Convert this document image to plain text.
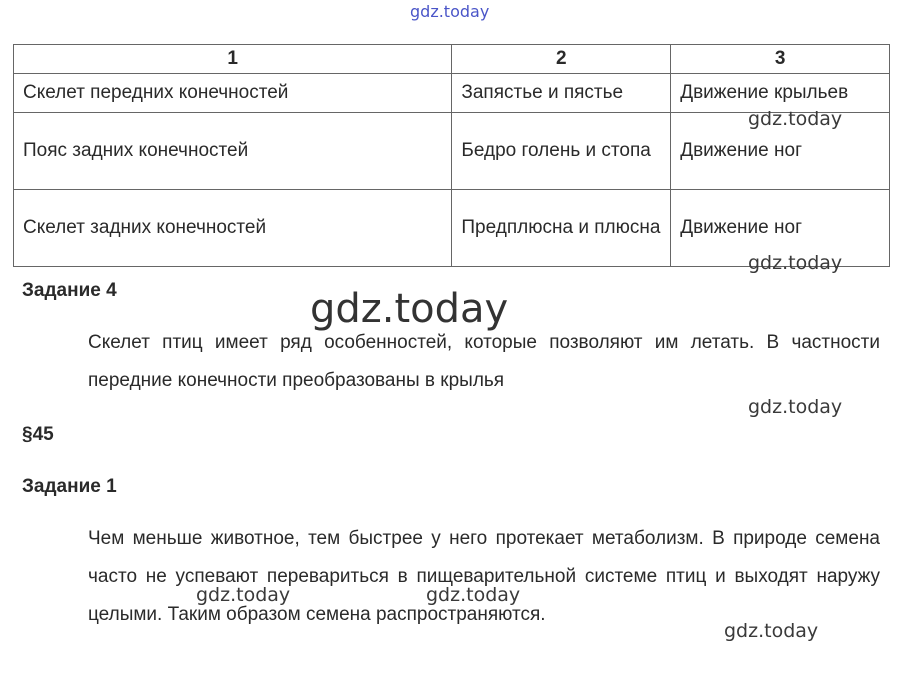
gdz.today
1	2	3
Скелет передних конечностей	Запястье и пястье	Движение крыльев
Пояс задних конечностей	Бедро голень и стопа	Движение ног
Скелет задних конечностей	Предплюсна и плюсна	Движение ног
gdz.today
gdz.today
Задание 4	gdz.today
Скелет птиц имеет ряд особенностей, которые позволяют им летать. В частности передние конечности преобразованы в крылья
gdz.today
§45
Задание 1
Чем меньше животное, тем быстрее у него протекает метаболизм. В природе семена часто не успевают перевариться в пищеварительной системе птиц и выходят наружу целыми. Таким образом семена распространяются.
gdz.today	gdz.today
gdz.today
